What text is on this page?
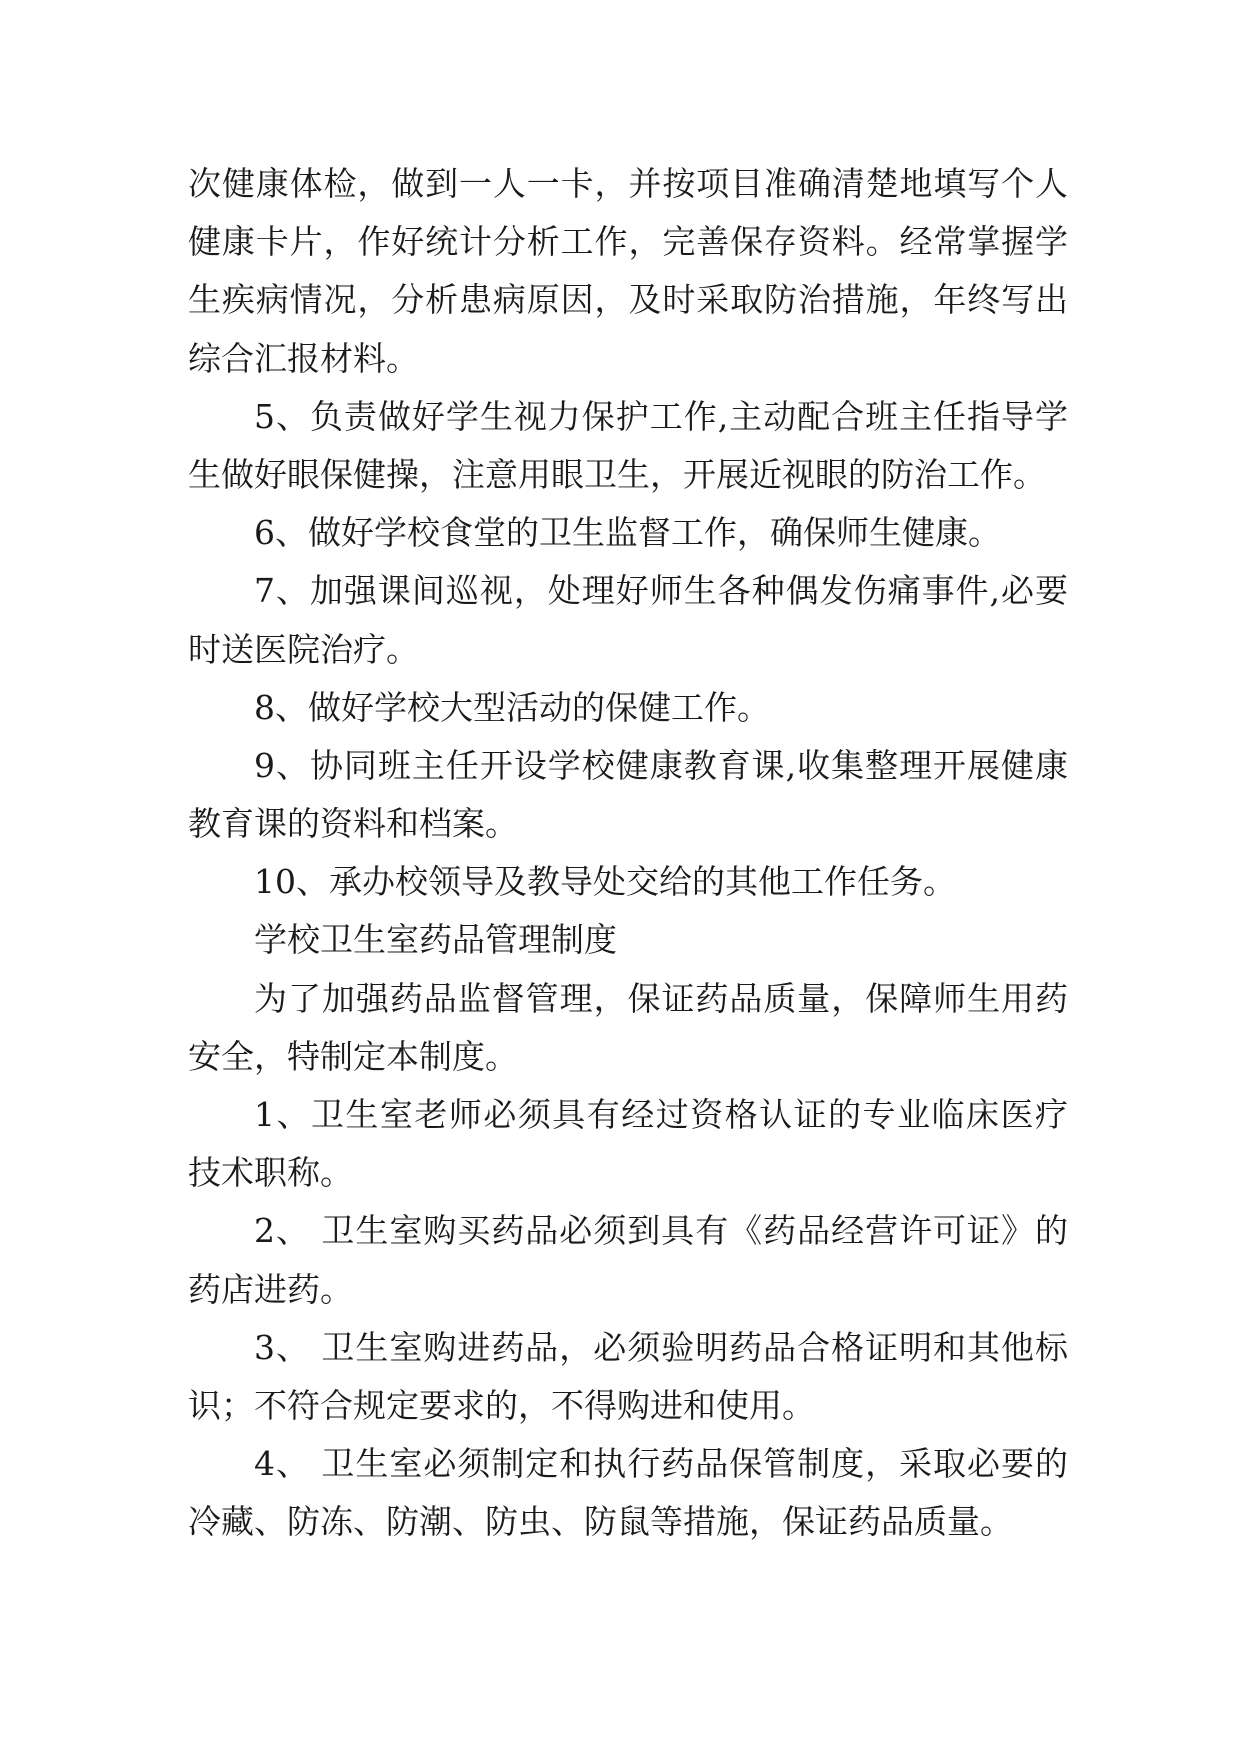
次健康体检，做到一人一卡，并按项目准确清楚地填写个人
健康卡片，作好统计分析工作，完善保存资料。经常掌握学
生疾病情况，分析患病原因，及时采取防治措施，年终写出
综合汇报材料。
5、负责做好学生视力保护工作,主动配合班主任指导学
生做好眼保健操，注意用眼卫生，开展近视眼的防治工作。
6、做好学校食堂的卫生监督工作，确保师生健康。
7、加强课间巡视，处理好师生各种偶发伤痛事件,必要
时送医院治疗。
8、做好学校大型活动的保健工作。
9、协同班主任开设学校健康教育课,收集整理开展健康
教育课的资料和档案。
10、承办校领导及教导处交给的其他工作任务。
学校卫生室药品管理制度
为了加强药品监督管理，保证药品质量，保障师生用药
安全，特制定本制度。
1、卫生室老师必须具有经过资格认证的专业临床医疗
技术职称。
2、 卫生室购买药品必须到具有《药品经营许可证》的
药店进药。
3、 卫生室购进药品，必须验明药品合格证明和其他标
识；不符合规定要求的，不得购进和使用。
4、 卫生室必须制定和执行药品保管制度，采取必要的
冷藏、防冻、防潮、防虫、防鼠等措施，保证药品质量。
